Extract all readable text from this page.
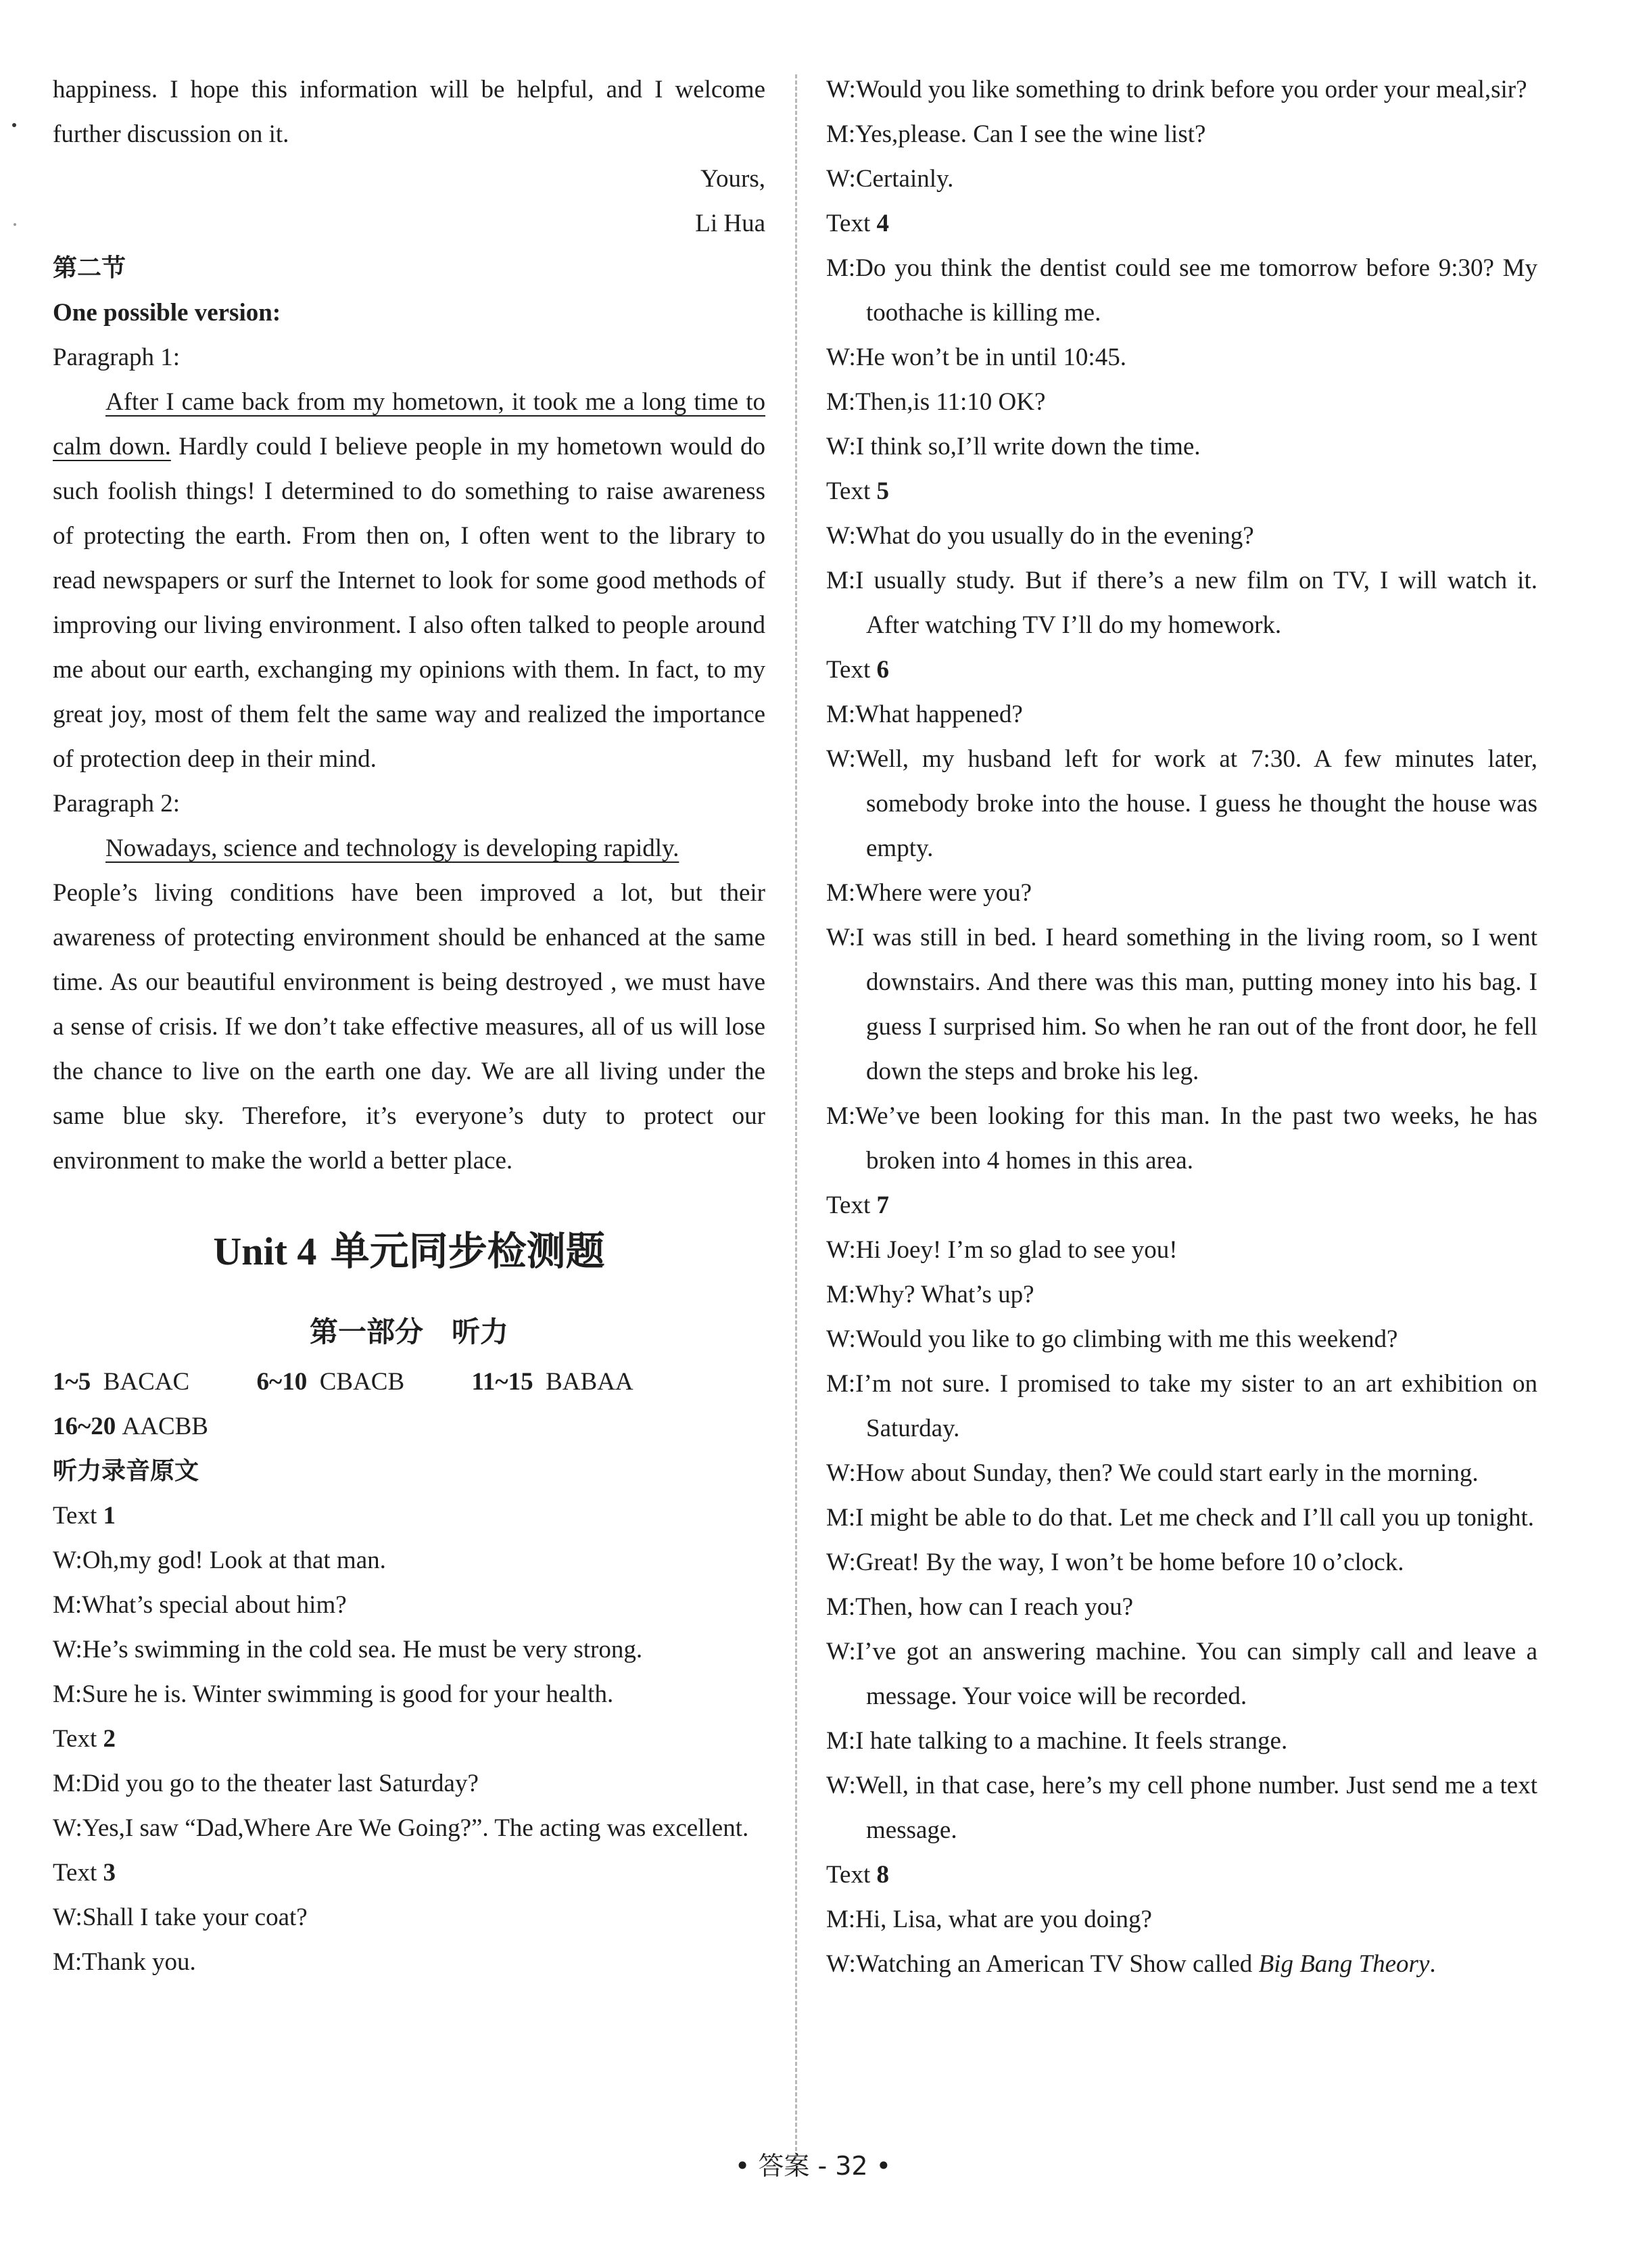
happiness. I hope this information will be helpful, and I welcome further discussion on it.

Yours,

Li Hua

第二节

One possible version:

Paragraph 1:

After I came back from my hometown, it took me a long time to calm down. Hardly could I believe people in my hometown would do such foolish things! I determined to do something to raise awareness of protecting the earth. From then on, I often went to the library to read newspapers or surf the Internet to look for some good methods of improving our living environment. I also often talked to people around me about our earth, exchanging my opinions with them. In fact, to my great joy, most of them felt the same way and realized the importance of protection deep in their mind.

Paragraph 2:

Nowadays, science and technology is developing rapidly.

People’s living conditions have been improved a lot, but their awareness of protecting environment should be enhanced at the same time. As our beautiful environment is being destroyed , we must have a sense of crisis. If we don’t take effective measures, all of us will lose the chance to live on the earth one day. We are all living under the same blue sky. Therefore, it’s everyone’s duty to protect our environment to make the world a better place.

Unit 4 单元同步检测题
第一部分　听力

1~5 BACAC	6~10 CBACB	11~15 BABAA

16~20 AACBB

听力录音原文

Text 1

W:Oh,my god! Look at that man.

M:What’s special about him?

W:He’s swimming in the cold sea. He must be very strong.

M:Sure he is. Winter swimming is good for your health.

Text 2

M:Did you go to the theater last Saturday?

W:Yes,I saw “Dad,Where Are We Going?”. The acting was excellent.

Text 3

W:Shall I take your coat?

M:Thank you.

W:Would you like something to drink before you order your meal,sir?

M:Yes,please. Can I see the wine list?

W:Certainly.

Text 4

M:Do you think the dentist could see me tomorrow before 9:30? My toothache is killing me.

W:He won’t be in until 10:45.

M:Then,is 11:10 OK?

W:I think so,I’ll write down the time.

Text 5

W:What do you usually do in the evening?

M:I usually study. But if there’s a new film on TV, I will watch it. After watching TV I’ll do my homework.

Text 6

M:What happened?

W:Well, my husband left for work at 7:30. A few minutes later, somebody broke into the house. I guess he thought the house was empty.

M:Where were you?

W:I was still in bed. I heard something in the living room, so I went downstairs. And there was this man, putting money into his bag. I guess I surprised him. So when he ran out of the front door, he fell down the steps and broke his leg.

M:We’ve been looking for this man. In the past two weeks, he has broken into 4 homes in this area.

Text 7

W:Hi Joey! I’m so glad to see you!

M:Why? What’s up?

W:Would you like to go climbing with me this weekend?

M:I’m not sure. I promised to take my sister to an art exhibition on Saturday.

W:How about Sunday, then? We could start early in the morning.

M:I might be able to do that. Let me check and I’ll call you up tonight.

W:Great! By the way, I won’t be home before 10 o’clock.

M:Then, how can I reach you?

W:I’ve got an answering machine. You can simply call and leave a message. Your voice will be recorded.

M:I hate talking to a machine. It feels strange.

W:Well, in that case, here’s my cell phone number. Just send me a text message.

Text 8

M:Hi, Lisa, what are you doing?

W:Watching an American TV Show called Big Bang Theory.

• 答案 - 32 •
